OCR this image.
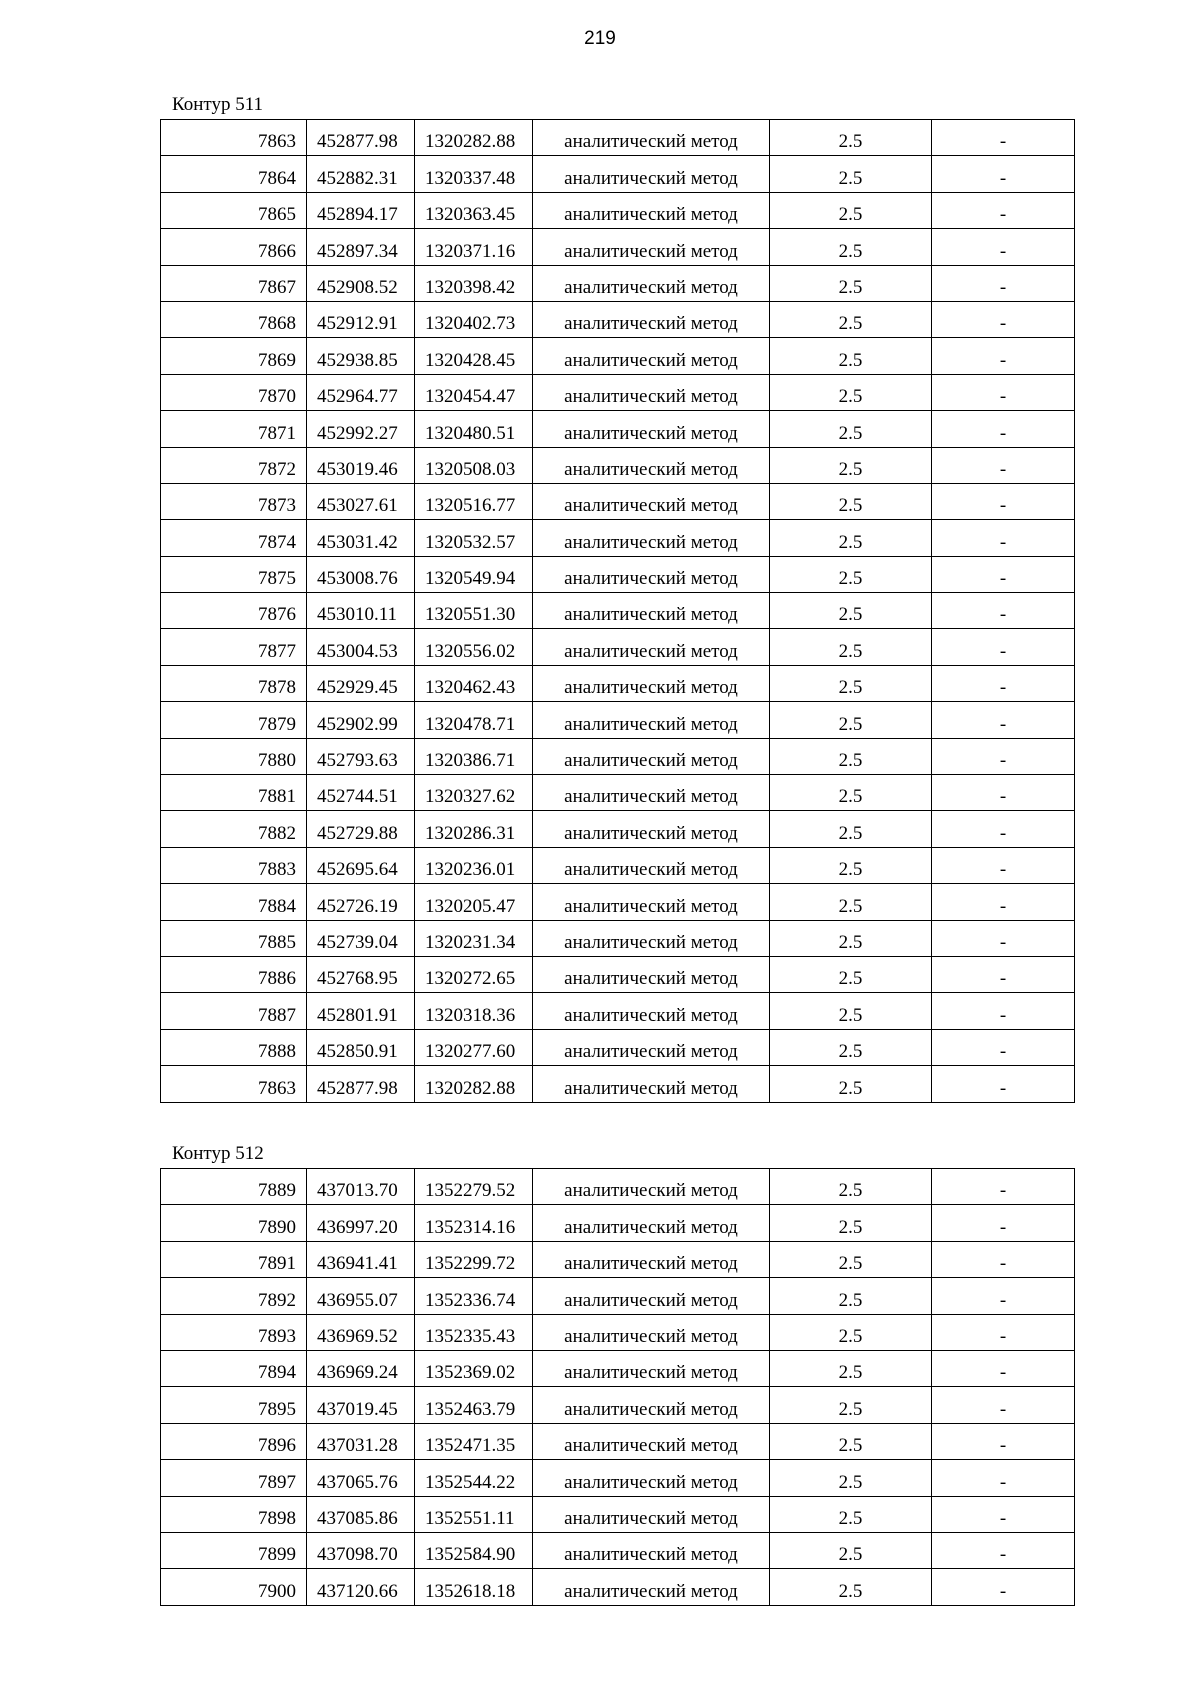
219
Контур 511
7863	452877.98	1320282.88	аналитический метод	2.5	-
7864	452882.31	1320337.48	аналитический метод	2.5	-
7865	452894.17	1320363.45	аналитический метод	2.5	-
7866	452897.34	1320371.16	аналитический метод	2.5	-
7867	452908.52	1320398.42	аналитический метод	2.5	-
7868	452912.91	1320402.73	аналитический метод	2.5	-
7869	452938.85	1320428.45	аналитический метод	2.5	-
7870	452964.77	1320454.47	аналитический метод	2.5	-
7871	452992.27	1320480.51	аналитический метод	2.5	-
7872	453019.46	1320508.03	аналитический метод	2.5	-
7873	453027.61	1320516.77	аналитический метод	2.5	-
7874	453031.42	1320532.57	аналитический метод	2.5	-
7875	453008.76	1320549.94	аналитический метод	2.5	-
7876	453010.11	1320551.30	аналитический метод	2.5	-
7877	453004.53	1320556.02	аналитический метод	2.5	-
7878	452929.45	1320462.43	аналитический метод	2.5	-
7879	452902.99	1320478.71	аналитический метод	2.5	-
7880	452793.63	1320386.71	аналитический метод	2.5	-
7881	452744.51	1320327.62	аналитический метод	2.5	-
7882	452729.88	1320286.31	аналитический метод	2.5	-
7883	452695.64	1320236.01	аналитический метод	2.5	-
7884	452726.19	1320205.47	аналитический метод	2.5	-
7885	452739.04	1320231.34	аналитический метод	2.5	-
7886	452768.95	1320272.65	аналитический метод	2.5	-
7887	452801.91	1320318.36	аналитический метод	2.5	-
7888	452850.91	1320277.60	аналитический метод	2.5	-
7863	452877.98	1320282.88	аналитический метод	2.5	-
Контур 512
7889	437013.70	1352279.52	аналитический метод	2.5	-
7890	436997.20	1352314.16	аналитический метод	2.5	-
7891	436941.41	1352299.72	аналитический метод	2.5	-
7892	436955.07	1352336.74	аналитический метод	2.5	-
7893	436969.52	1352335.43	аналитический метод	2.5	-
7894	436969.24	1352369.02	аналитический метод	2.5	-
7895	437019.45	1352463.79	аналитический метод	2.5	-
7896	437031.28	1352471.35	аналитический метод	2.5	-
7897	437065.76	1352544.22	аналитический метод	2.5	-
7898	437085.86	1352551.11	аналитический метод	2.5	-
7899	437098.70	1352584.90	аналитический метод	2.5	-
7900	437120.66	1352618.18	аналитический метод	2.5	-
